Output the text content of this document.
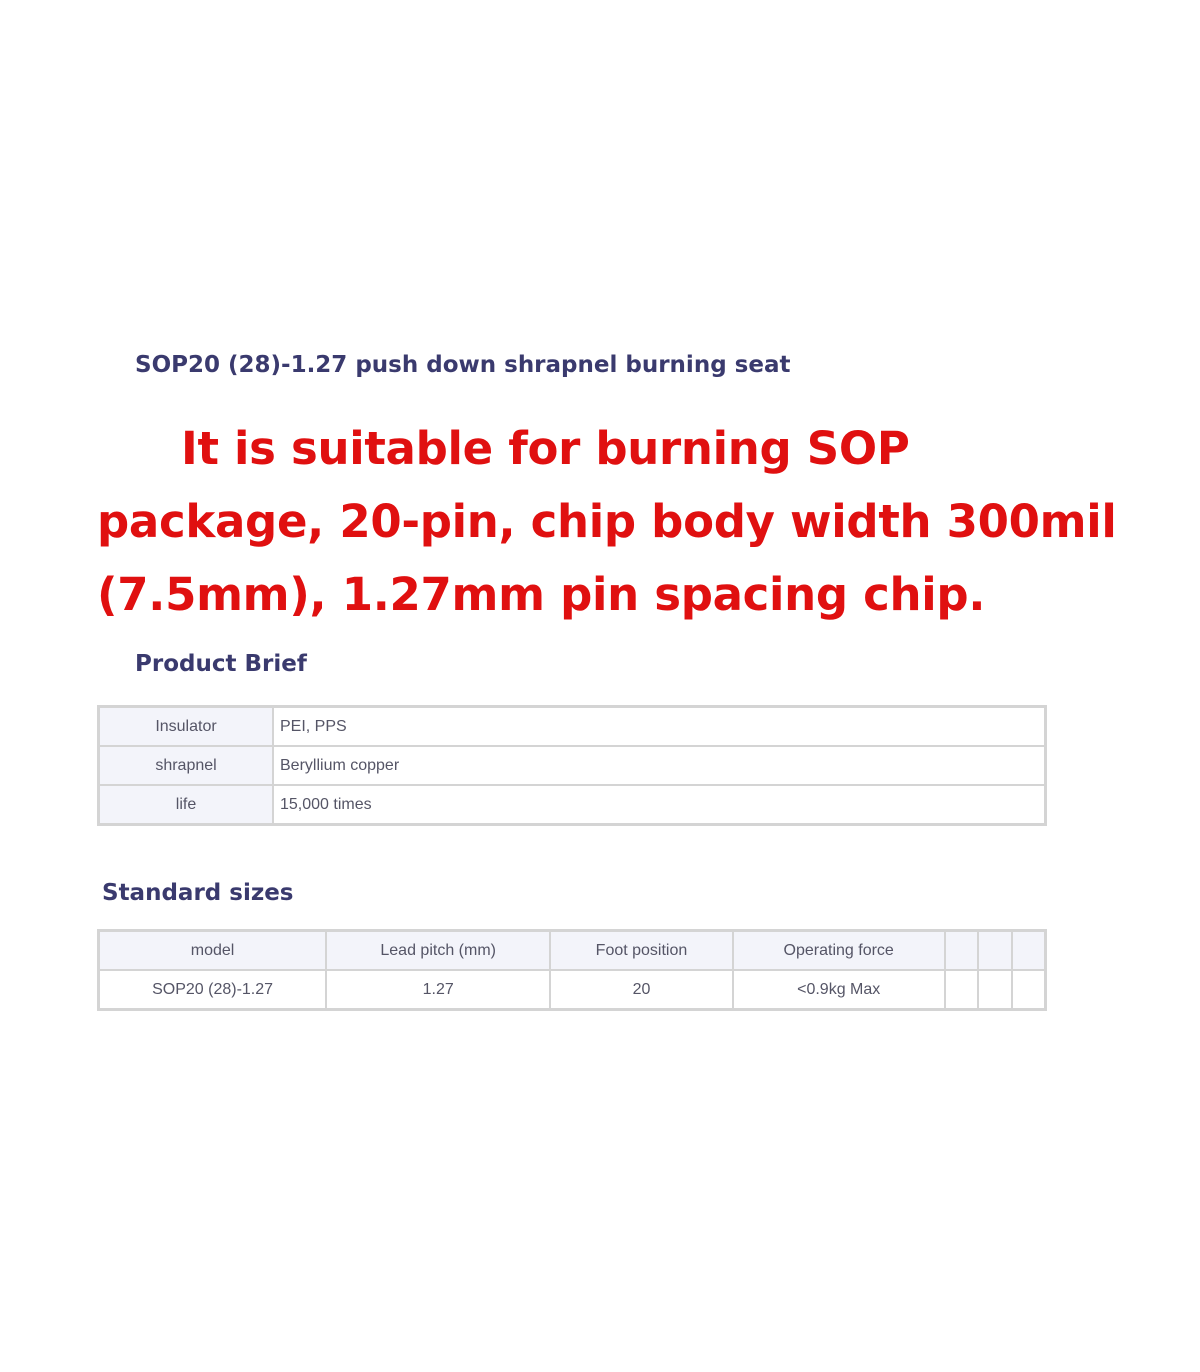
SOP20 (28)-1.27 push down shrapnel burning seat

It is suitable for burning SOP package, 20-pin, chip body width 300mil (7.5mm), 1.27mm pin spacing chip.

Product Brief
Insulator	PEI, PPS
shrapnel	Beryllium copper
life	15,000 times
Standard sizes
model	Lead pitch (mm)	Foot position	Operating force			
SOP20 (28)-1.27	1.27	20	<0.9kg Max			
